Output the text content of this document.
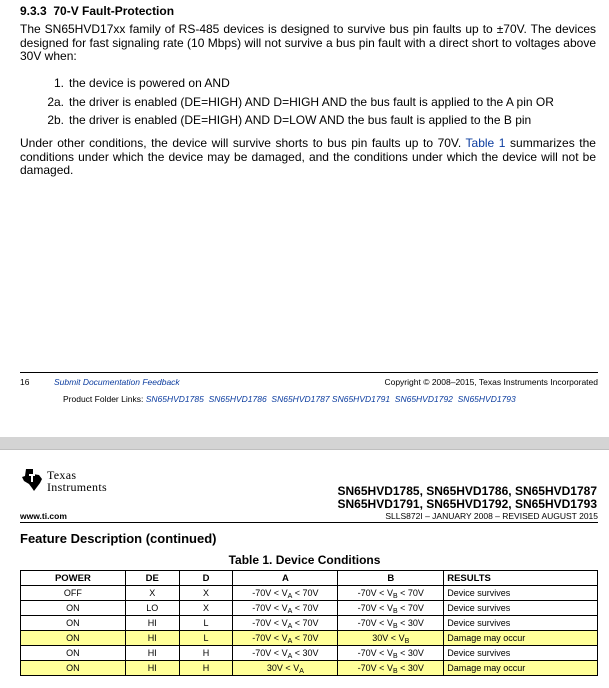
9.3.3 70-V Fault-Protection
The SN65HVD17xx family of RS-485 devices is designed to survive bus pin faults up to ±70V. The devices designed for fast signaling rate (10 Mbps) will not survive a bus pin fault with a direct short to voltages above 30V when:
1. the device is powered on AND
2a. the driver is enabled (DE=HIGH) AND D=HIGH AND the bus fault is applied to the A pin OR
2b. the driver is enabled (DE=HIGH) AND D=LOW AND the bus fault is applied to the B pin
Under other conditions, the device will survive shorts to bus pin faults up to 70V. Table 1 summarizes the conditions under which the device may be damaged, and the conditions under which the device will not be damaged.
16	Submit Documentation Feedback	Copyright © 2008–2015, Texas Instruments Incorporated
Product Folder Links: SN65HVD1785 SN65HVD1786 SN65HVD1787 SN65HVD1791 SN65HVD1792 SN65HVD1793
Texas
Instruments	SN65HVD1785, SN65HVD1786, SN65HVD1787
SN65HVD1791, SN65HVD1792, SN65HVD1793
www.ti.com	SLLS872I – JANUARY 2008 – REVISED AUGUST 2015
Feature Description (continued)
Table 1. Device Conditions
POWER	DE	D	A	B	RESULTS
OFF	X	X	$-70V < V_A < 70V$	$-70V < V_B < 70V$	Device survives
ON	LO	X	$-70V < V_A < 70V$	$-70V < V_B < 70V$	Device survives
ON	HI	L	$-70V < V_A < 70V$	$-70V < V_B < 30V$	Device survives
ON	HI	L	$-70V < V_A < 70V$	$30V < V_B$	Damage may occur
ON	HI	H	$-70V < V_A < 30V$	$-70V < V_B < 30V$	Device survives
ON	HI	H	$30V < V_A$	$-70V < V_B < 30V$	Damage may occur
